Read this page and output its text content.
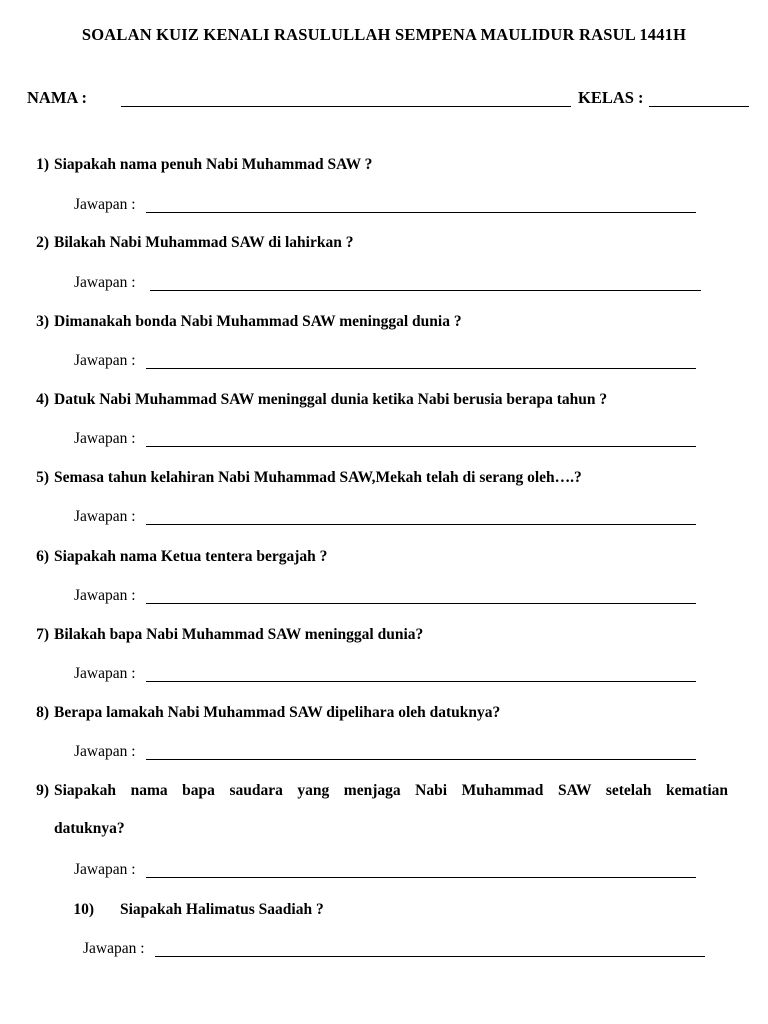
SOALAN KUIZ KENALI RASULULLAH SEMPENA MAULIDUR RASUL 1441H
NAMA :	KELAS :
1) Siapakah nama penuh Nabi Muhammad SAW ?
Jawapan :
2) Bilakah Nabi Muhammad SAW di lahirkan ?
Jawapan :
3) Dimanakah bonda Nabi Muhammad SAW meninggal dunia ?
Jawapan :
4) Datuk Nabi Muhammad SAW meninggal dunia ketika Nabi berusia berapa tahun ?
Jawapan :
5) Semasa tahun kelahiran Nabi Muhammad SAW,Mekah telah di serang oleh….?
Jawapan :
6) Siapakah nama Ketua tentera bergajah ?
Jawapan :
7) Bilakah bapa Nabi Muhammad SAW meninggal dunia?
Jawapan :
8) Berapa lamakah Nabi Muhammad SAW dipelihara oleh datuknya?
Jawapan :
9) Siapakah nama bapa saudara yang menjaga Nabi Muhammad SAW setelah kematian
datuknya?
Jawapan :
10) Siapakah Halimatus Saadiah ?
Jawapan :
